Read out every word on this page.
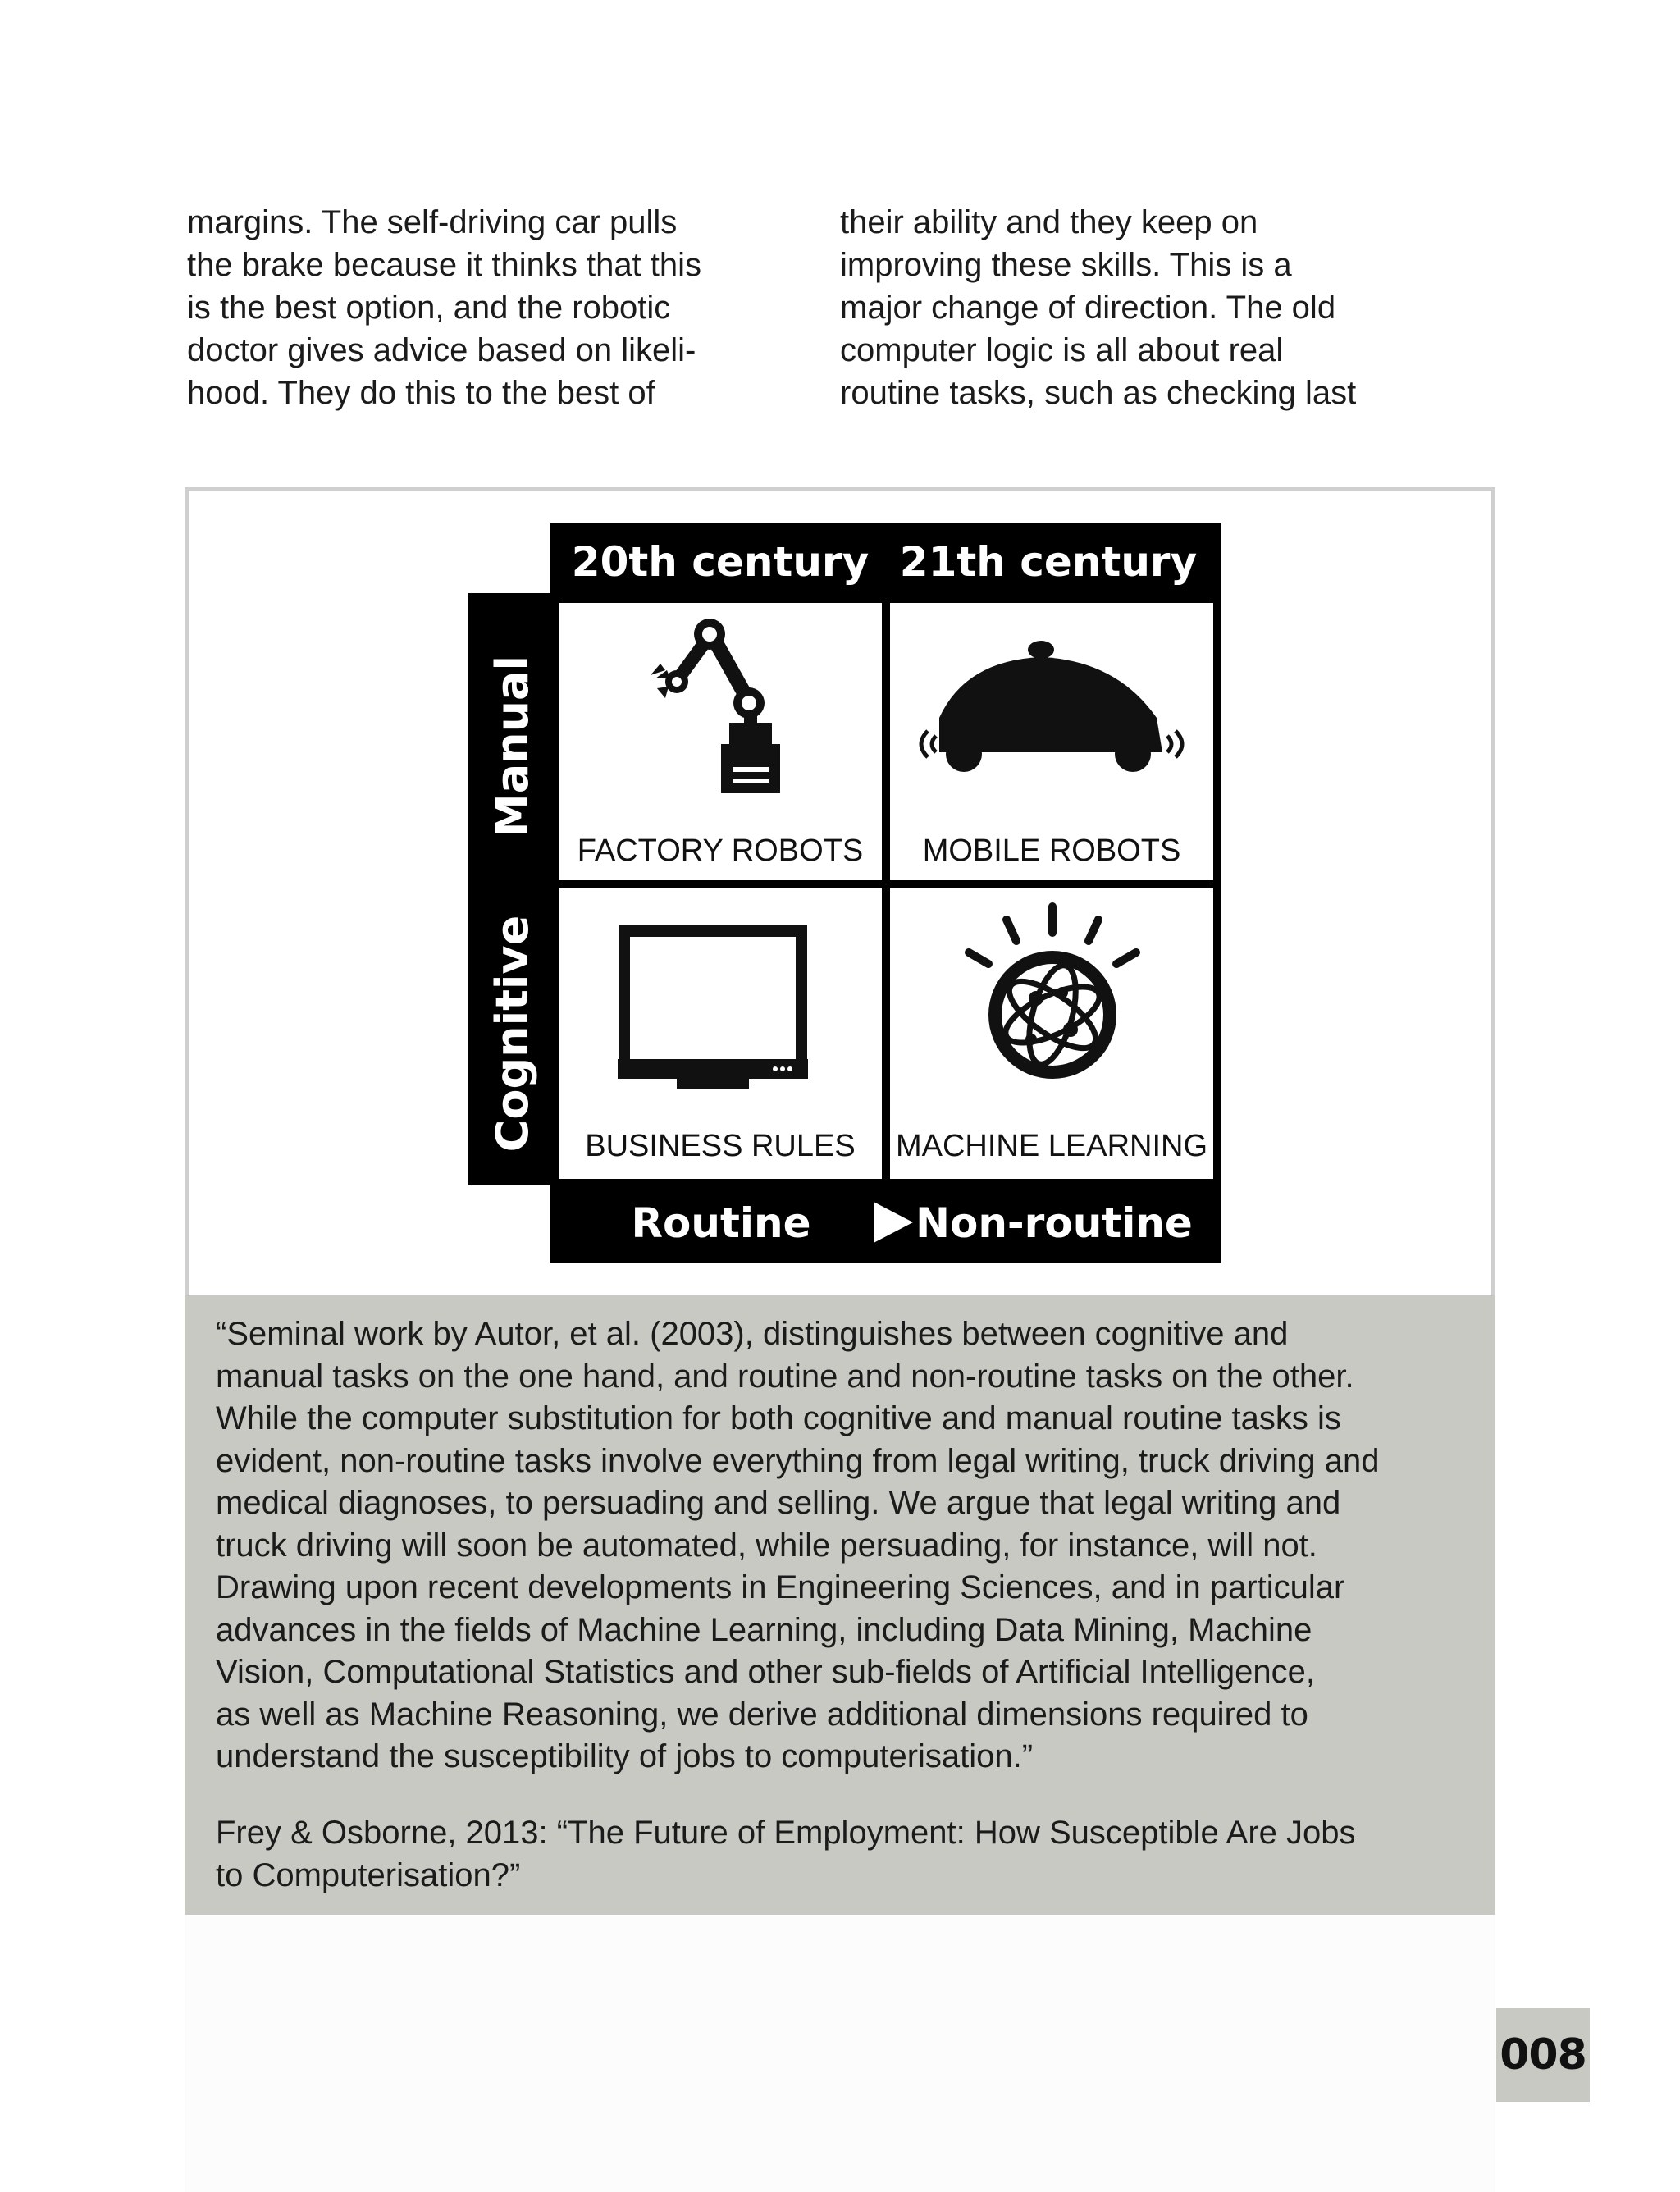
margins. The self-driving car pulls
the brake because it thinks that this
is the best option, and the robotic
doctor gives advice based on likeli-
hood. They do this to the best of
their ability and they keep on
improving these skills. This is a
major change of direction. The old
computer logic is all about real
routine tasks, such as checking last
20th century 21th century
Manual
Cognitive
FACTORY ROBOTS MOBILE ROBOTS
BUSINESS RULES MACHINE LEARNING
Routine	Non-routine
“Seminal work by Autor, et al. (2003), distinguishes between cognitive and
manual tasks on the one hand, and routine and non-routine tasks on the other.
While the computer substitution for both cognitive and manual routine tasks is
evident, non-routine tasks involve everything from legal writing, truck driving and
medical diagnoses, to persuading and selling. We argue that legal writing and
truck driving will soon be automated, while persuading, for instance, will not.
Drawing upon recent developments in Engineering Sciences, and in particular
advances in the fields of Machine Learning, including Data Mining, Machine
Vision, Computational Statistics and other sub-fields of Artificial Intelligence,
as well as Machine Reasoning, we derive additional dimensions required to
understand the susceptibility of jobs to computerisation.”
Frey & Osborne, 2013: “The Future of Employment: How Susceptible Are Jobs
to Computerisation?”
008
